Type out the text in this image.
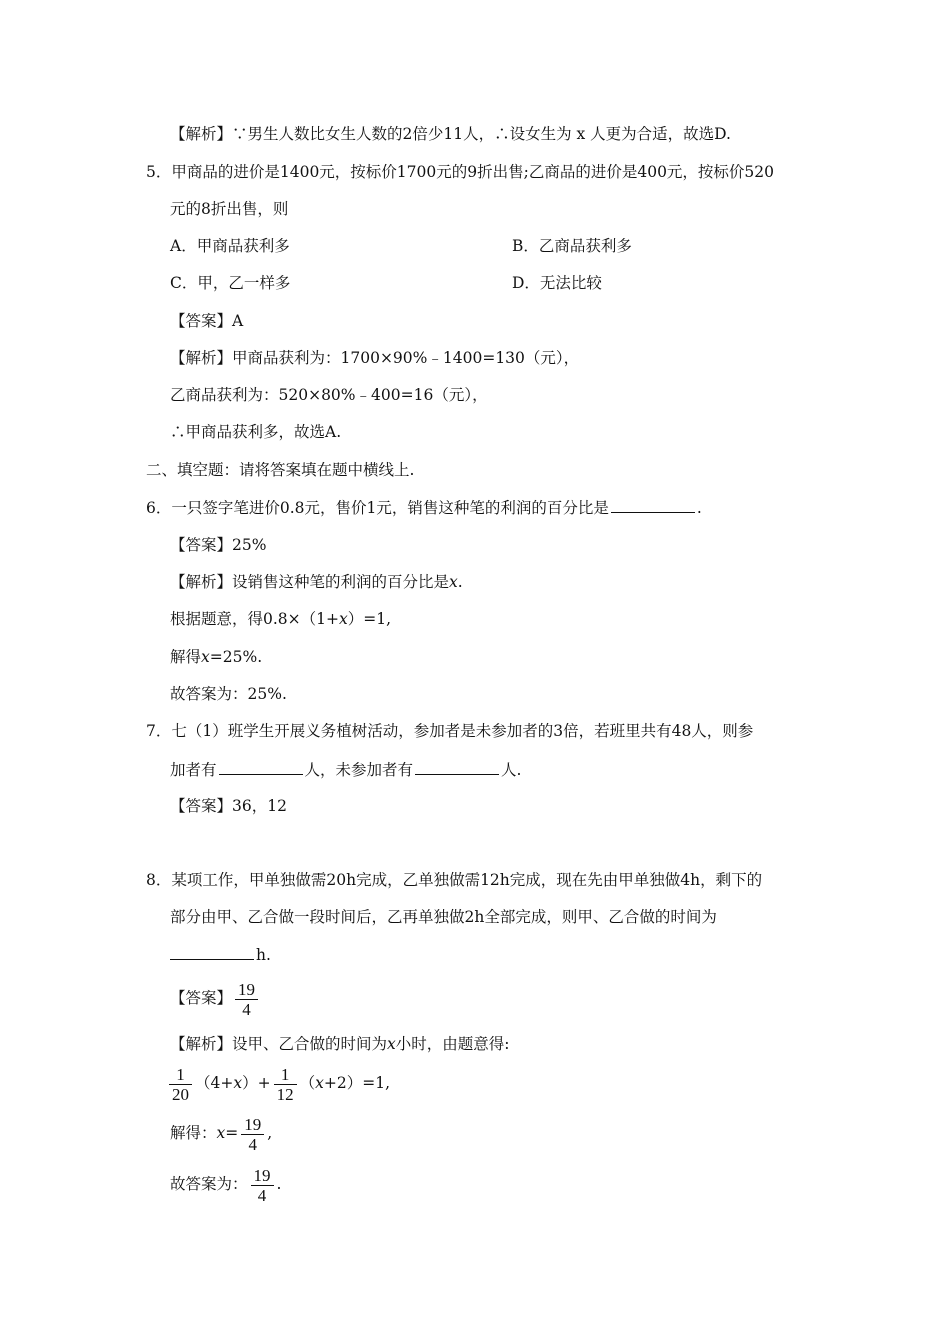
【解析】∵男生人数比女生人数的2倍少11人，∴设女生为 x 人更为合适，故选D.
5．甲商品的进价是1400元，按标价1700元的9折出售;乙商品的进价是400元，按标价520
元的8折出售，则
A．甲商品获利多	B．乙商品获利多
C．甲，乙一样多	D．无法比较
【答案】A
【解析】甲商品获利为：1700×90%﹣1400=130（元），
乙商品获利为：520×80%﹣400=16（元），
∴甲商品获利多，故选A.
二、填空题：请将答案填在题中横线上.
6．一只签字笔进价0.8元，售价1元，销售这种笔的利润的百分比是	.
【答案】25%
【解析】设销售这种笔的利润的百分比是x.
根据题意，得0.8×（1+x）=1,
解得x=25%.
故答案为：25%.
7．七（1）班学生开展义务植树活动，参加者是未参加者的3倍，若班里共有48人，则参
加者有	人，未参加者有	人.
【答案】36，12
8．某项工作，甲单独做需20h完成，乙单独做需12h完成，现在先由甲单独做4h，剩下的
部分由甲、乙合做一段时间后，乙再单独做2h全部完成，则甲、乙合做的时间为
h.
【答案】 $\frac{19}{4}$
【解析】设甲、乙合做的时间为x小时，由题意得:
$\frac{1}{20} (4+x)+ \frac{1}{12} (x+2)=1$,
解得：$x= \frac{19}{4}$ ,
故答案为： $\frac{19}{4}$ .
